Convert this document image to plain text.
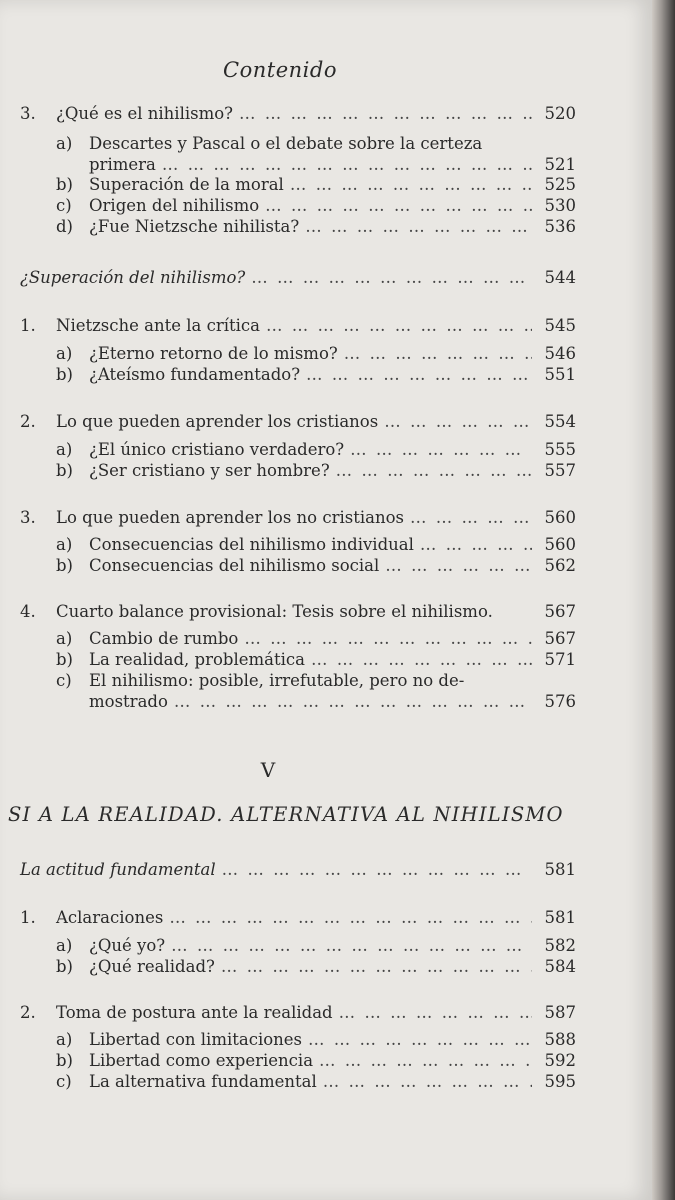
Contenido
3.	¿Qué es el nihilismo? … … … … … … … … … … … … … … … … … … … … … … … … … … … … … … … …	520
a)	Descartes y Pascal o el debate sobre la certeza
primera … … … … … … … … … … … … … … … … … … … … … … … … … … … … … … … …	521
b) Superación de la moral … … … … … … … … … … … … … … … … … … … … … … … … … … … … … … … …	525
c)	Origen del nihilismo … … … … … … … … … … … … … … … … … … … … … … … … … … … … … … … …	530
d) ¿Fue Nietzsche nihilista? … … … … … … … … … … … … … … … … … … … … … … … … … … … … … … … …	536
¿Superación del nihilismo? … … … … … … … … … … … … … … … … … … … … … … … … … … … … … … … …	544
1.	Nietzsche ante la crítica … … … … … … … … … … … … … … … … … … … … … … … … … … … … … … … …	545
a)	¿Eterno retorno de lo mismo? … … … … … … … … … … … … … … … … … … … … … … … … … … … … … … … …	546
b) ¿Ateísmo fundamentado? … … … … … … … … … … … … … … … … … … … … … … … … … … … … … … … …	551
2.	Lo que pueden aprender los cristianos … … … … … … … … … … … … … … … … … … … … … … … … … … … … … … … …	554
a)	¿El único cristiano verdadero? … … … … … … … … … … … … … … … … … … … … … … … … … … … … … … … …	555
b) ¿Ser cristiano y ser hombre? … … … … … … … … … … … … … … … … … … … … … … … … … … … … … … … …	557
3.	Lo que pueden aprender los no cristianos … … … … … … … … … … … … … … … … … … … … … … … … … … … … … … … …	560
a)	Consecuencias del nihilismo individual … … … … … … … … … … … … … … … … … … … … … … … … … … … … … … … …	560
b) Consecuencias del nihilismo social … … … … … … … … … … … … … … … … … … … … … … … … … … … … … … … …	562
4.	Cuarto balance provisional: Tesis sobre el nihilismo.	567
a)	Cambio de rumbo … … … … … … … … … … … … … … … … … … … … … … … … … … … … … … … …	567
b) La realidad, problemática … … … … … … … … … … … … … … … … … … … … … … … … … … … … … … … …	571
c)	El nihilismo: posible, irrefutable, pero no de-
mostrado … … … … … … … … … … … … … … … … … … … … … … … … … … … … … … … …	576
V
SI A LA REALIDAD. ALTERNATIVA AL NIHILISMO
La actitud fundamental … … … … … … … … … … … … … … … … … … … … … … … … … … … … … … … …	581
1.	Aclaraciones … … … … … … … … … … … … … … … … … … … … … … … … … … … … … … … …	581
a)	¿Qué yo? … … … … … … … … … … … … … … … … … … … … … … … … … … … … … … … …	582
b) ¿Qué realidad? … … … … … … … … … … … … … … … … … … … … … … … … … … … … … … … …	584
2.	Toma de postura ante la realidad … … … … … … … … … … … … … … … … … … … … … … … … … … … … … … … …	587
a)	Libertad con limitaciones … … … … … … … … … … … … … … … … … … … … … … … … … … … … … … … …	588
b) Libertad como experiencia … … … … … … … … … … … … … … … … … … … … … … … … … … … … … … … …	592
c)	La alternativa fundamental … … … … … … … … … … … … … … … … … … … … … … … … … … … … … … … …	595
